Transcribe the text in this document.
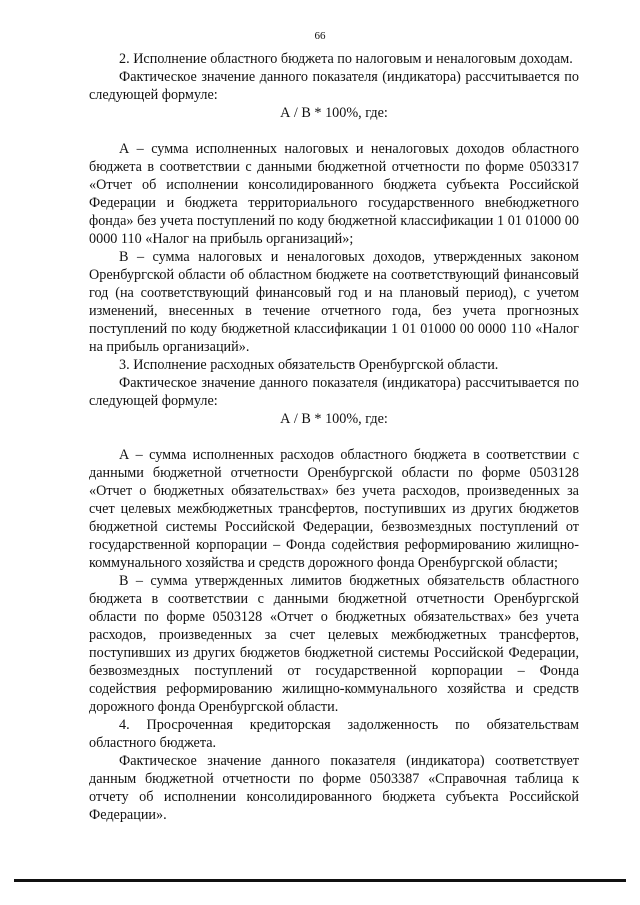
66

2. Исполнение областного бюджета по налоговым и неналоговым доходам.

Фактическое значение данного показателя (индикатора) рассчитывается по следующей формуле:

А / В * 100%, где:

А – сумма исполненных налоговых и неналоговых доходов областного бюджета в соответствии с данными бюджетной отчетности по форме 0503317 «Отчет об исполнении консолидированного бюджета субъекта Российской Федерации и бюджета территориального государственного внебюджетного фонда» без учета поступлений по коду бюджетной классификации 1 01 01000 00 0000 110 «Налог на прибыль организаций»;

В – сумма налоговых и неналоговых доходов, утвержденных законом Оренбургской области об областном бюджете на соответствующий финансовый год (на соответствующий финансовый год и на плановый период), с учетом изменений, внесенных в течение отчетного года, без учета прогнозных поступлений по коду бюджетной классификации 1 01 01000 00 0000 110 «Налог на прибыль организаций».

3. Исполнение расходных обязательств Оренбургской области.

Фактическое значение данного показателя (индикатора) рассчитывается по следующей формуле:

А / В * 100%, где:

А – сумма исполненных расходов областного бюджета в соответствии с данными бюджетной отчетности Оренбургской области по форме 0503128 «Отчет о бюджетных обязательствах» без учета расходов, произведенных за счет целевых межбюджетных трансфертов, поступивших из других бюджетов бюджетной системы Российской Федерации, безвозмездных поступлений от государственной корпорации – Фонда содействия реформированию жилищно-коммунального хозяйства и средств дорожного фонда Оренбургской области;

В – сумма утвержденных лимитов бюджетных обязательств областного бюджета в соответствии с данными бюджетной отчетности Оренбургской области по форме 0503128 «Отчет о бюджетных обязательствах» без учета расходов, произведенных за счет целевых межбюджетных трансфертов, поступивших из других бюджетов бюджетной системы Российской Федерации, безвозмездных поступлений от государственной корпорации – Фонда содействия реформированию жилищно-коммунального хозяйства и средств дорожного фонда Оренбургской области.

4. Просроченная кредиторская задолженность по обязательствам областного бюджета.

Фактическое значение данного показателя (индикатора) соответствует данным бюджетной отчетности по форме 0503387 «Справочная таблица к отчету об исполнении консолидированного бюджета субъекта Российской Федерации».
